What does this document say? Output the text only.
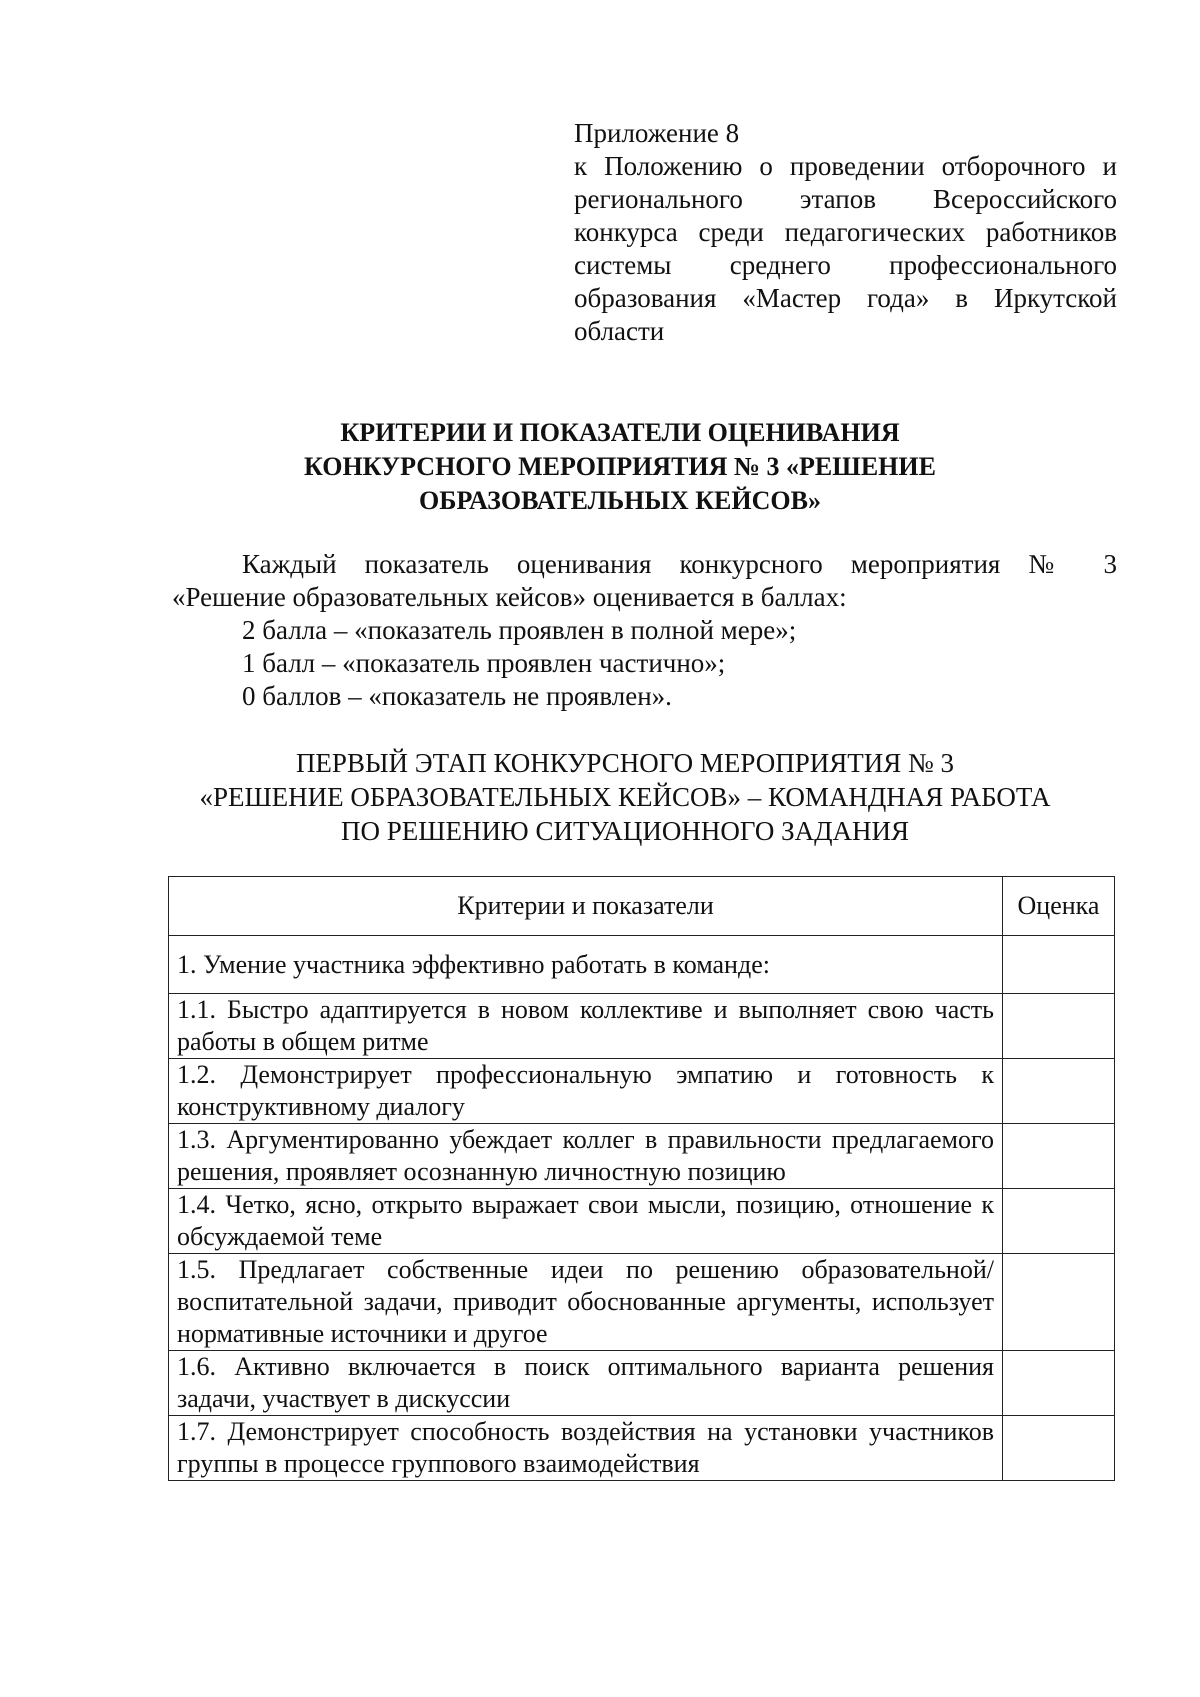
Приложение 8
к Положению о проведении отборочного и
регионального этапов Всероссийского
конкурса среди педагогических работников
системы среднего профессионального
образования «Мастер года» в Иркутской
области
КРИТЕРИИ И ПОКАЗАТЕЛИ ОЦЕНИВАНИЯ
КОНКУРСНОГО МЕРОПРИЯТИЯ № 3 «РЕШЕНИЕ
ОБРАЗОВАТЕЛЬНЫХ КЕЙСОВ»
Каждый показатель оценивания конкурсного мероприятия № 3
«Решение образовательных кейсов» оценивается в баллах:
2 балла – «показатель проявлен в полной мере»;
1 балл – «показатель проявлен частично»;
0 баллов – «показатель не проявлен».
ПЕРВЫЙ ЭТАП КОНКУРСНОГО МЕРОПРИЯТИЯ № 3
«РЕШЕНИЕ ОБРАЗОВАТЕЛЬНЫХ КЕЙСОВ» – КОМАНДНАЯ РАБОТА
ПО РЕШЕНИЮ СИТУАЦИОННОГО ЗАДАНИЯ
Критерии и показатели	Оценка
1. Умение участника эффективно работать в команде:	
1.1. Быстро адаптируется в новом коллективе и выполняет свою часть работы в общем ритме	
1.2. Демонстрирует профессиональную эмпатию и готовность к конструктивному диалогу	
1.3. Аргументированно убеждает коллег в правильности предлагаемого решения, проявляет осознанную личностную позицию	
1.4. Четко, ясно, открыто выражает свои мысли, позицию, отношение к обсуждаемой теме	
1.5. Предлагает собственные идеи по решению образовательной/воспитательной задачи, приводит обоснованные аргументы, использует нормативные источники и другое	
1.6. Активно включается в поиск оптимального варианта решения задачи, участвует в дискуссии	
1.7. Демонстрирует способность воздействия на установки участников группы в процессе группового взаимодействия	
